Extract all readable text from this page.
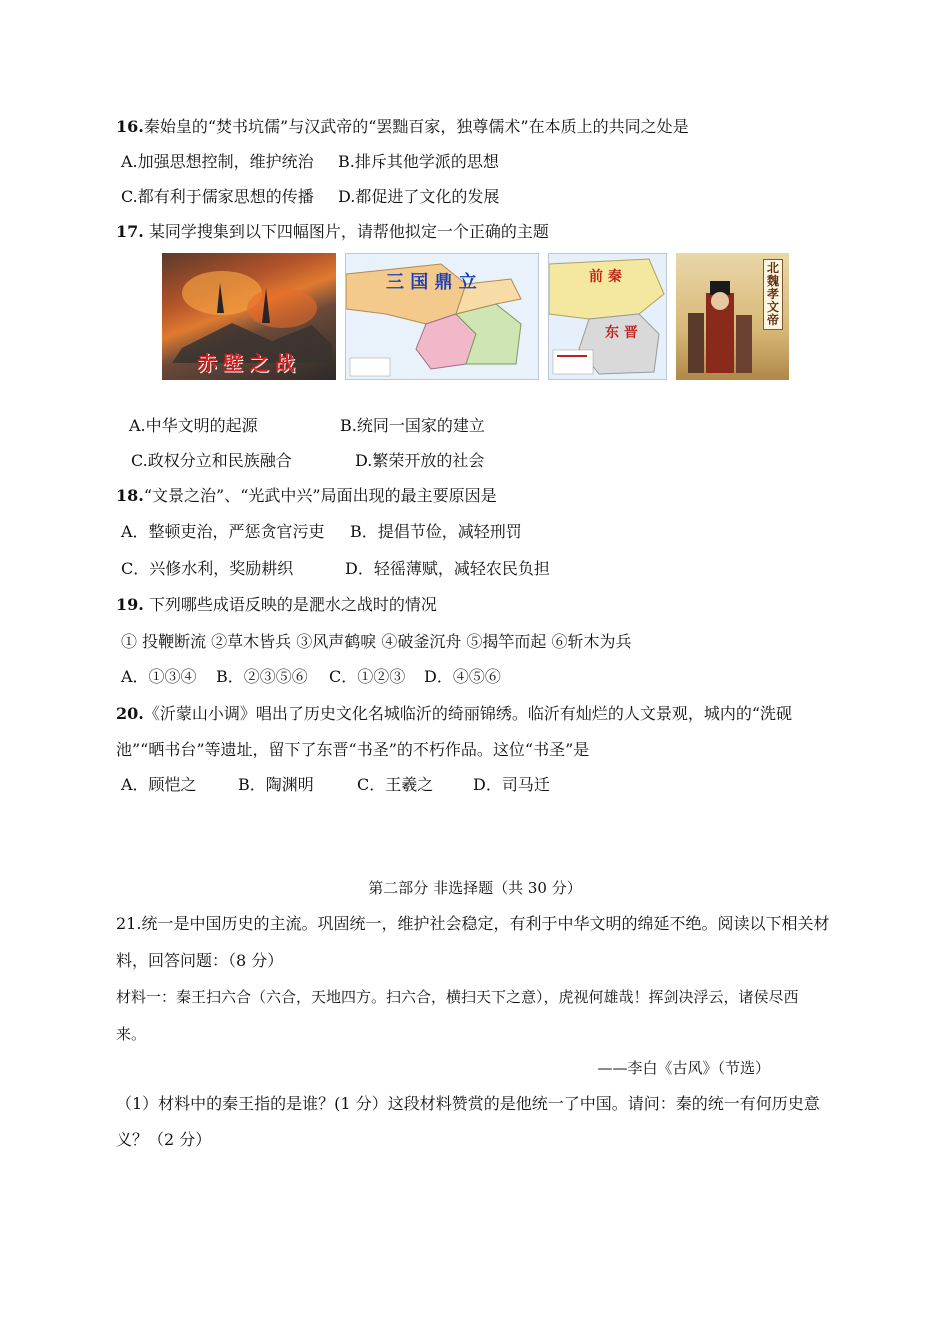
16.秦始皇的“焚书坑儒”与汉武帝的“罢黜百家，独尊儒术”在本质上的共同之处是
A.加强思想控制，维护统治 B.排斥其他学派的思想
C.都有利于儒家思想的传播 D.都促进了文化的发展
17. 某同学搜集到以下四幅图片，请帮他拟定一个正确的主题
赤壁之战
三 国 鼎 立	前 秦
东 晋
北魏孝文帝
A.中华文明的起源	B.统同一国家的建立
C.政权分立和民族融合	D.繁荣开放的社会
18.“文景之治”、“光武中兴”局面出现的最主要原因是
A．整顿吏治，严惩贪官污吏 B．提倡节俭，减轻刑罚
C．兴修水利，奖励耕织	D．轻徭薄赋，减轻农民负担
19. 下列哪些成语反映的是淝水之战时的情况
① 投鞭断流 ②草木皆兵 ③风声鹤唳 ④破釜沉舟 ⑤揭竿而起 ⑥斩木为兵
A．①③④ B．②③⑤⑥ C．①②③ D．④⑤⑥
20.《沂蒙山小调》唱出了历史文化名城临沂的绮丽锦绣。临沂有灿烂的人文景观，城内的“洗砚
池”“晒书台”等遗址，留下了东晋“书圣”的不朽作品。这位“书圣”是
A．顾恺之	B．陶渊明	C．王羲之 D．司马迁
第二部分 非选择题（共 30 分）
21.统一是中国历史的主流。巩固统一，维护社会稳定，有利于中华文明的绵延不绝。阅读以下相关材
料，回答问题：（8 分）
材料一：秦王扫六合（六合，天地四方。扫六合，横扫天下之意），虎视何雄哉！挥剑决浮云，诸侯尽西
来。
——李白《古风》（节选）
（1）材料中的秦王指的是谁？(1 分）这段材料赞赏的是他统一了中国。请问：秦的统一有何历史意
义？（2 分）
